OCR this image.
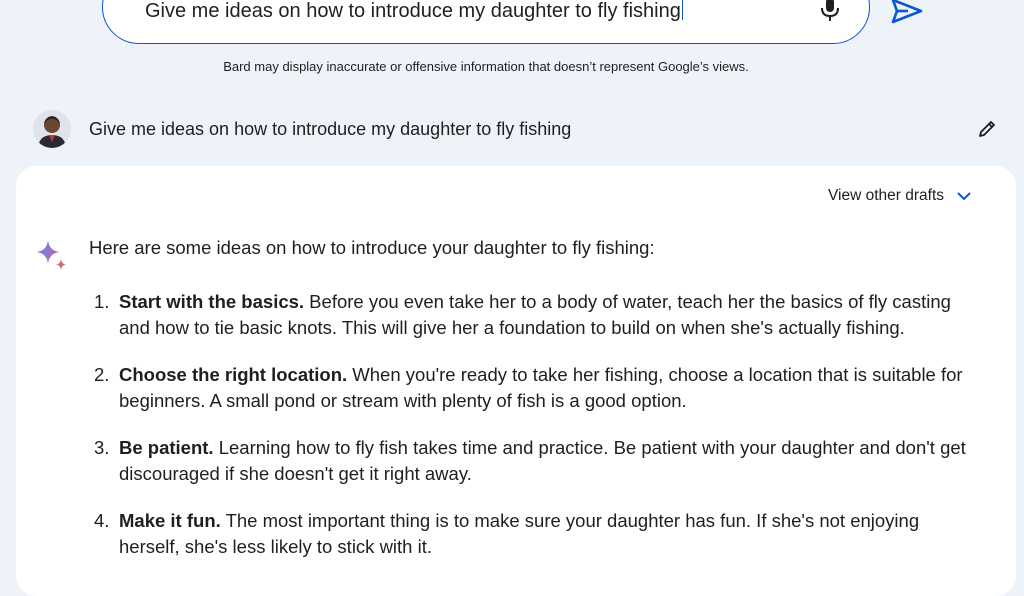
Give me ideas on how to introduce my daughter to fly fishing
Bard may display inaccurate or offensive information that doesn’t represent Google’s views.
Give me ideas on how to introduce my daughter to fly fishing
View other drafts
Here are some ideas on how to introduce your daughter to fly fishing:
1. Start with the basics. Before you even take her to a body of water, teach her the basics of fly casting and how to tie basic knots. This will give her a foundation to build on when she's actually fishing.
2. Choose the right location. When you're ready to take her fishing, choose a location that is suitable for beginners. A small pond or stream with plenty of fish is a good option.
3. Be patient. Learning how to fly fish takes time and practice. Be patient with your daughter and don't get discouraged if she doesn't get it right away.
4. Make it fun. The most important thing is to make sure your daughter has fun. If she's not enjoying herself, she's less likely to stick with it.
